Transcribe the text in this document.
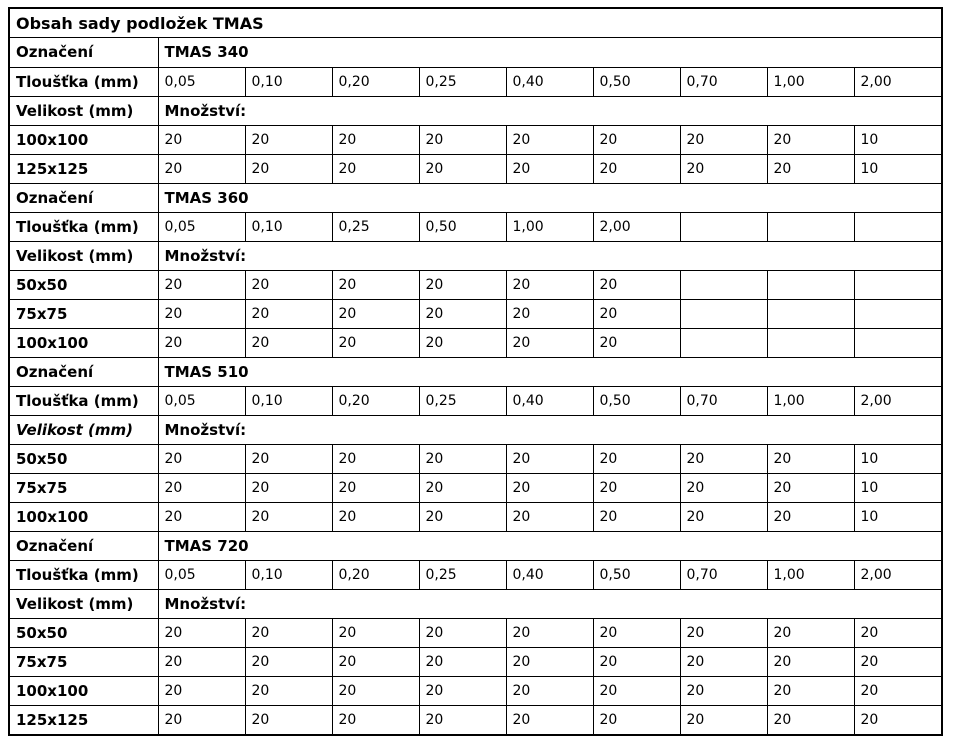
Obsah sady podložek TMAS
Označení	TMAS 340								
Tloušťka (mm)	0,05	0,10	0,20	0,25	0,40	0,50	0,70	1,00	2,00
Velikost (mm)	Množství:								
100x100	20	20	20	20	20	20	20	20	10
125x125	20	20	20	20	20	20	20	20	10
Označení	TMAS 360								
Tloušťka (mm)	0,05	0,10	0,25	0,50	1,00	2,00			
Velikost (mm)	Množství:								
50x50	20	20	20	20	20	20			
75x75	20	20	20	20	20	20			
100x100	20	20	20	20	20	20			
Označení	TMAS 510								
Tloušťka (mm)	0,05	0,10	0,20	0,25	0,40	0,50	0,70	1,00	2,00
Velikost (mm)	Množství:								
50x50	20	20	20	20	20	20	20	20	10
75x75	20	20	20	20	20	20	20	20	10
100x100	20	20	20	20	20	20	20	20	10
Označení	TMAS 720								
Tloušťka (mm)	0,05	0,10	0,20	0,25	0,40	0,50	0,70	1,00	2,00
Velikost (mm)	Množství:								
50x50	20	20	20	20	20	20	20	20	20
75x75	20	20	20	20	20	20	20	20	20
100x100	20	20	20	20	20	20	20	20	20
125x125	20	20	20	20	20	20	20	20	20
